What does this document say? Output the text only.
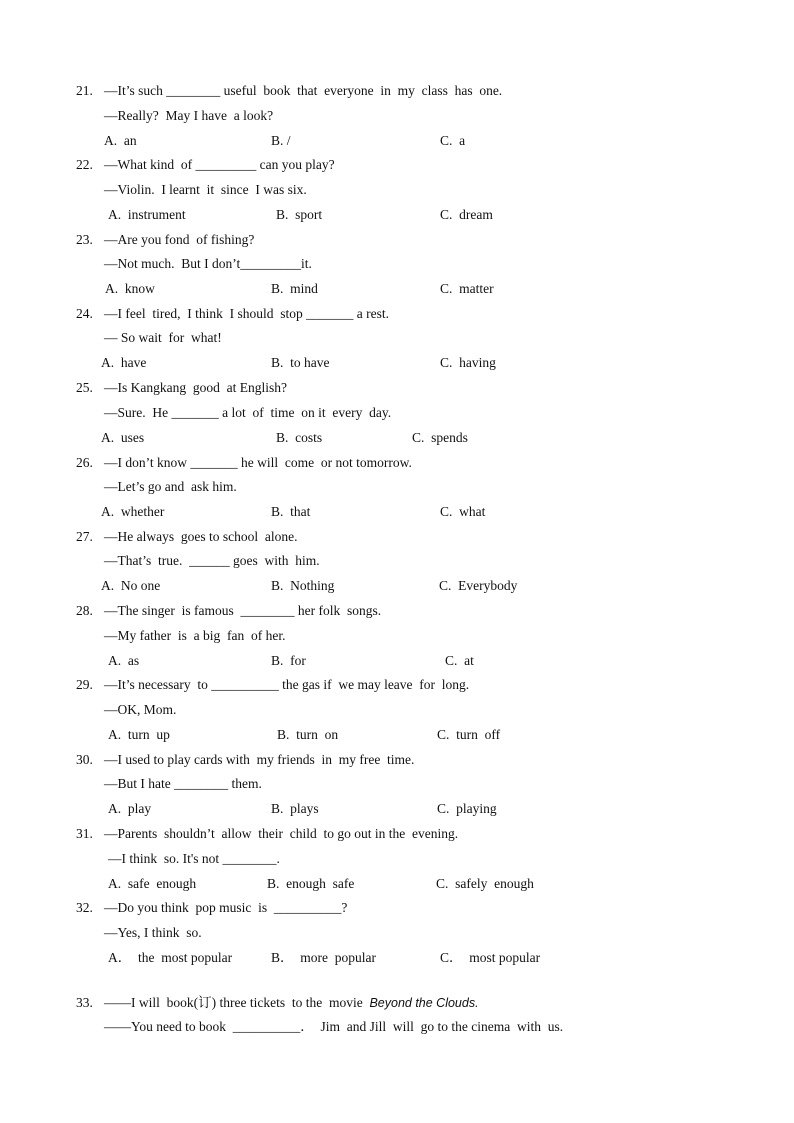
21. —It’s such ________ useful  book  that  everyone  in  my  class  has  one.
—Really?  May I have  a look?
A.  an	B. /	C.  a
22. —What kind  of _________ can you play?
—Violin.  I learnt  it  since  I was six.
A.  instrument	B.  sport	C.  dream
23. —Are you fond  of fishing?
—Not much.  But I don’t_________it.
A.  know	B.  mind	C.  matter
24. —I feel  tired,  I think  I should  stop _______ a rest.
— So wait  for  what!
A.  have	B.  to have	C.  having
25. —Is Kangkang  good  at English?
—Sure.  He _______ a lot  of  time  on it  every  day.
A.  uses	B.  costs	C.  spends
26. —I don’t know _______ he will  come  or not tomorrow.
—Let’s go and  ask him.
A.  whether	B.  that	C.  what
27. —He always  goes to school  alone.
—That’s  true.  ______ goes  with  him.
A.  No one	B.  Nothing	C.  Everybody
28. —The singer  is famous  ________ her folk  songs.
—My father  is  a big  fan  of her.
A.  as	B.  for	C.  at
29. —It’s necessary  to __________ the gas if  we may leave  for  long.
—OK, Mom.
A.  turn  up	B.  turn  on	C.  turn  off
30. —I used to play cards with  my friends  in  my free  time.
—But I hate ________ them.
A.  play	B.  plays	C.  playing
31. —Parents  shouldn’t  allow  their  child  to go out in the  evening.
—I think  so. It's not ________.
A.  safe  enough	B.  enough  safe	C.  safely  enough
32. —Do you think  pop music  is  __________?
—Yes, I think  so.
A．  the  most popular	B．  more  popular	C．  most popular
33. ——I will  book(订) three tickets  to the  movie Beyond the Clouds.
——You need to book  __________．  Jim  and Jill  will  go to the cinema  with  us.
